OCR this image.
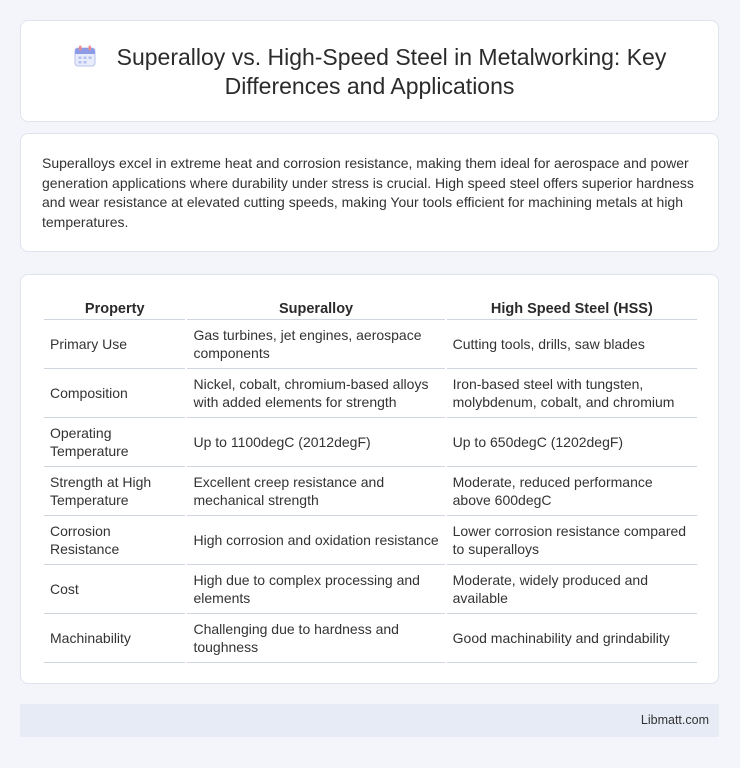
Superalloy vs. High-Speed Steel in Metalworking: Key
Differences and Applications

Superalloys excel in extreme heat and corrosion resistance, making them ideal for aerospace and power generation applications where durability under stress is crucial. High speed steel offers superior hardness and wear resistance at elevated cutting speeds, making Your tools efficient for machining metals at high temperatures.

Property	Superalloy	High Speed Steel (HSS)
Primary Use	Gas turbines, jet engines, aerospace components	Cutting tools, drills, saw blades
Composition	Nickel, cobalt, chromium-based alloys with added elements for strength	Iron-based steel with tungsten, molybdenum, cobalt, and chromium
Operating Temperature	Up to 1100degC (2012degF)	Up to 650degC (1202degF)
Strength at High Temperature	Excellent creep resistance and mechanical strength	Moderate, reduced performance above 600degC
Corrosion Resistance	High corrosion and oxidation resistance	Lower corrosion resistance compared to superalloys
Cost	High due to complex processing and elements	Moderate, widely produced and available
Machinability	Challenging due to hardness and toughness	Good machinability and grindability
Libmatt.com
